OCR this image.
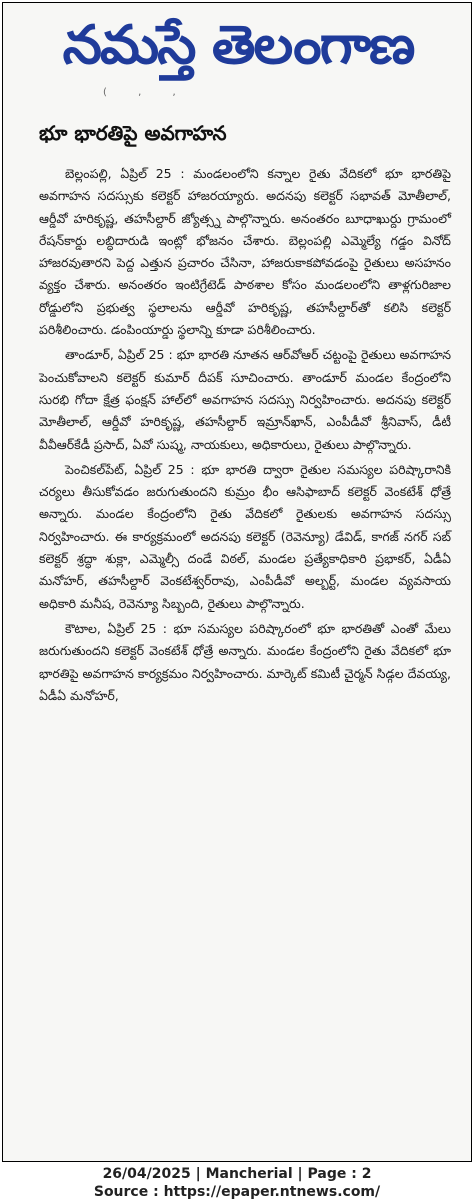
నమస్తే తెలంగాణ
( , ,
భూ భారతిపై అవగాహన

బెల్లంపల్లి, ఏప్రిల్ 25 : మండలంలోని కన్నాల రైతు వేదికలో భూ భారతిపై అవగాహన సదస్సుకు కలెక్టర్ హాజరయ్యారు. అదనపు కలెక్టర్ సభావత్ మోతీలాల్, ఆర్డీవో హరికృష్ణ, తహసీల్దార్ జ్యోత్స్న పాల్గొన్నారు. అనంతరం బూధాఖుర్దు గ్రామంలో రేషన్‌కార్డు లబ్ధిదారుడి ఇంట్లో భోజనం చేశారు. బెల్లంపల్లి ఎమ్మెల్యే గడ్డం వినోద్ హాజరవుతారని పెద్ద ఎత్తున ప్రచారం చేసినా, హాజరుకాకపోవడంపై రైతులు అసహనం వ్యక్తం చేశారు. అనంతరం ఇంటిగ్రేటెడ్ పాఠశాల కోసం మండలంలోని తాళ్లగురిజాల రోడ్డులోని ప్రభుత్వ స్థలాలను ఆర్డీవో హరికృష్ణ, తహసీల్దార్‌తో కలిసి కలెక్టర్ పరిశీలించారు. డంపింయార్డు స్థలాన్ని కూడా పరిశీలించారు.

తాండూర్, ఏప్రిల్ 25 : భూ భారతి నూతన ఆర్‌వోఆర్ చట్టంపై రైతులు అవగాహన పెంచుకోవాలని కలెక్టర్ కుమార్ దీపక్ సూచించారు. తాండూర్ మండల కేంద్రంలోని సురభి గోదా క్షేత్ర ఫంక్షన్ హాల్‌లో అవగాహన సదస్సు నిర్వహించారు. అదనపు కలెక్టర్ మోతీలాల్, ఆర్డీవో హరికృష్ణ, తహసీల్దార్ ఇమ్రాన్‌ఖాన్, ఎంపీడీవో శ్రీనివాస్, డీటీ వీవీఆర్‌కేడీ ప్రసాద్, ఏవో సుష్మ, నాయకులు, అధికారులు, రైతులు పాల్గొన్నారు.

పెంచికల్‌పేట్, ఏప్రిల్ 25 : భూ భారతి ద్వారా రైతుల సమస్యల పరిష్కారానికి చర్యలు తీసుకోవడం జరుగుతుందని కుమ్రం భీం ఆసిఫాబాద్ కలెక్టర్ వెంకటేశ్ ధోత్రే అన్నారు. మండల కేంద్రంలోని రైతు వేదికలో రైతులకు అవగాహన సదస్సు నిర్వహించారు. ఈ కార్యక్రమంలో అదనపు కలెక్టర్ (రెవెన్యూ) డేవిడ్, కాగజ్ నగర్ సబ్ కలెక్టర్ శ్రద్ధా శుక్లా, ఎమ్మెల్సీ దండే విఠల్, మండల ప్రత్యేకాధికారి ప్రభాకర్, ఏడీఏ మనోహర్, తహసీల్దార్ వెంకటేశ్వర్‌రావు, ఎంపీడీవో అల్బర్ట్, మండల వ్యవసాయ అధికారి మనీష, రెవెన్యూ సిబ్బంది, రైతులు పాల్గొన్నారు.

కౌటాల, ఏప్రిల్ 25 : భూ సమస్యల పరిష్కారంలో భూ భారతితో ఎంతో మేలు జరుగుతుందని కలెక్టర్ వెంకటేశ్ ధోత్రే అన్నారు. మండల కేంద్రంలోని రైతు వేదికలో భూ భారతిపై అవగాహన కార్యక్రమం నిర్వహించారు. మార్కెట్ కమిటీ చైర్మన్ సిడ్గల దేవయ్య, ఏడీఏ మనోహర్,

26/04/2025 | Mancherial | Page : 2
Source : https://epaper.ntnews.com/
